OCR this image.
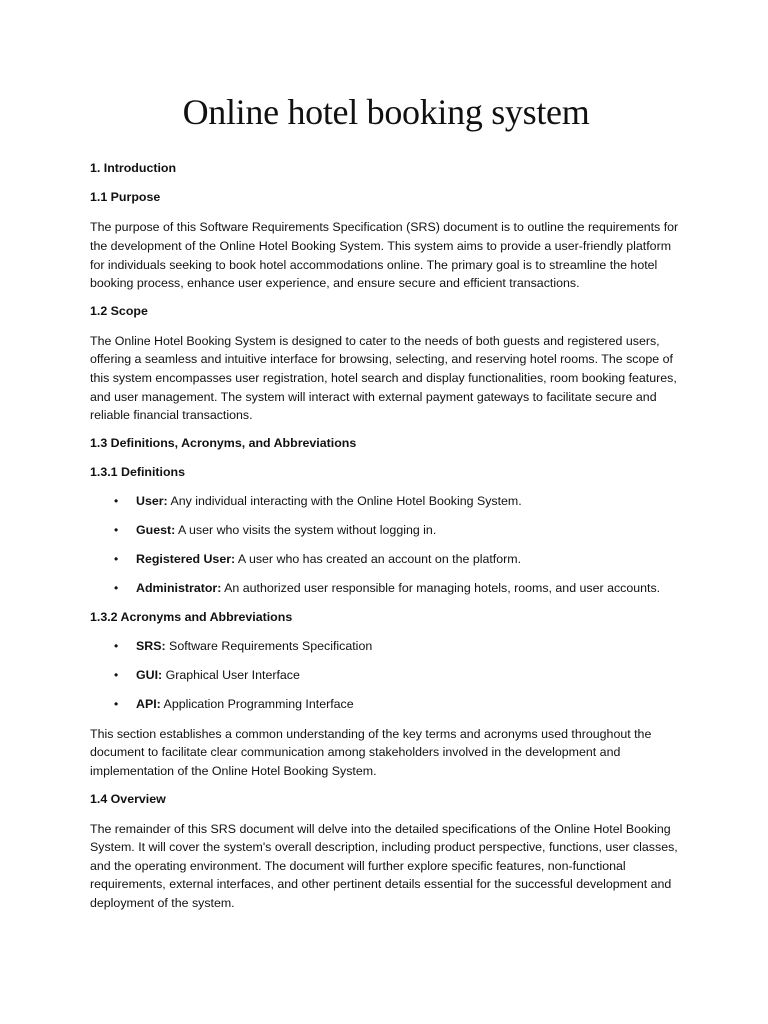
Online hotel booking system
1. Introduction
1.1 Purpose

The purpose of this Software Requirements Specification (SRS) document is to outline the requirements for the development of the Online Hotel Booking System. This system aims to provide a user-friendly platform for individuals seeking to book hotel accommodations online. The primary goal is to streamline the hotel booking process, enhance user experience, and ensure secure and efficient transactions.

1.2 Scope

The Online Hotel Booking System is designed to cater to the needs of both guests and registered users, offering a seamless and intuitive interface for browsing, selecting, and reserving hotel rooms. The scope of this system encompasses user registration, hotel search and display functionalities, room booking features, and user management. The system will interact with external payment gateways to facilitate secure and reliable financial transactions.

1.3 Definitions, Acronyms, and Abbreviations
1.3.1 Definitions
• User: Any individual interacting with the Online Hotel Booking System.
• Guest: A user who visits the system without logging in.
• Registered User: A user who has created an account on the platform.
• Administrator: An authorized user responsible for managing hotels, rooms, and user accounts.
1.3.2 Acronyms and Abbreviations
• SRS: Software Requirements Specification
• GUI: Graphical User Interface
• API: Application Programming Interface

This section establishes a common understanding of the key terms and acronyms used throughout the document to facilitate clear communication among stakeholders involved in the development and implementation of the Online Hotel Booking System.

1.4 Overview

The remainder of this SRS document will delve into the detailed specifications of the Online Hotel Booking System. It will cover the system's overall description, including product perspective, functions, user classes, and the operating environment. The document will further explore specific features, non-functional requirements, external interfaces, and other pertinent details essential for the successful development and deployment of the system.
